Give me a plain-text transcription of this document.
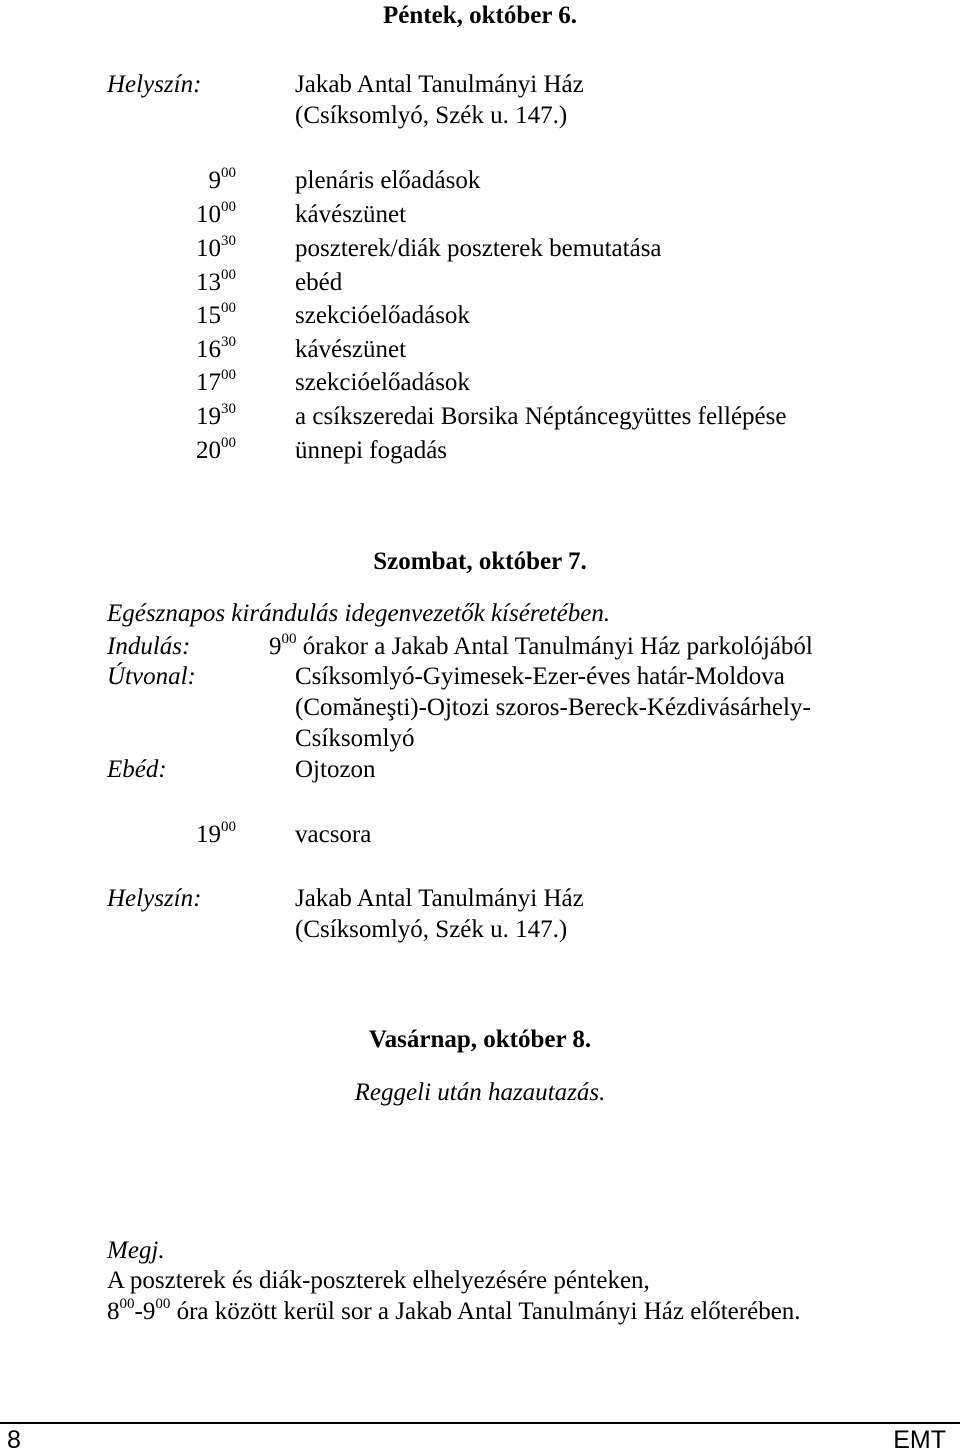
Péntek, október 6.
Helyszín:	Jakab Antal Tanulmányi Ház
(Csíksomlyó, Szék u. 147.)
$9^{00}$ plenáris előadások
$10^{00}$ kávészünet
$10^{30}$ poszterek/diák poszterek bemutatása
$13^{00}$ ebéd
$15^{00}$ szekcióelőadások
$16^{30}$ kávészünet
$17^{00}$ szekcióelőadások
$19^{30}$ a csíkszeredai Borsika Néptáncegyüttes fellépése
$20^{00}$ ünnepi fogadás
Szombat, október 7.
Egésznapos kirándulás idegenvezetők kíséretében.
Indulás:	$9^{00}$ órakor a Jakab Antal Tanulmányi Ház parkolójából
Útvonal:	Csíksomlyó-Gyimesek-Ezer-éves határ-Moldova
(Comăneşti)-Ojtozi szoros-Bereck-Kézdivásárhely-
Csíksomlyó
Ebéd:	Ojtozon
$19^{00}$ vacsora
Helyszín:	Jakab Antal Tanulmányi Ház
(Csíksomlyó, Szék u. 147.)
Vasárnap, október 8.
Reggeli után hazautazás.
Megj.
A poszterek és diák-poszterek elhelyezésére pénteken,
$8^{00}-9^{00}$ óra között kerül sor a Jakab Antal Tanulmányi Ház előterében.
8	EMT
